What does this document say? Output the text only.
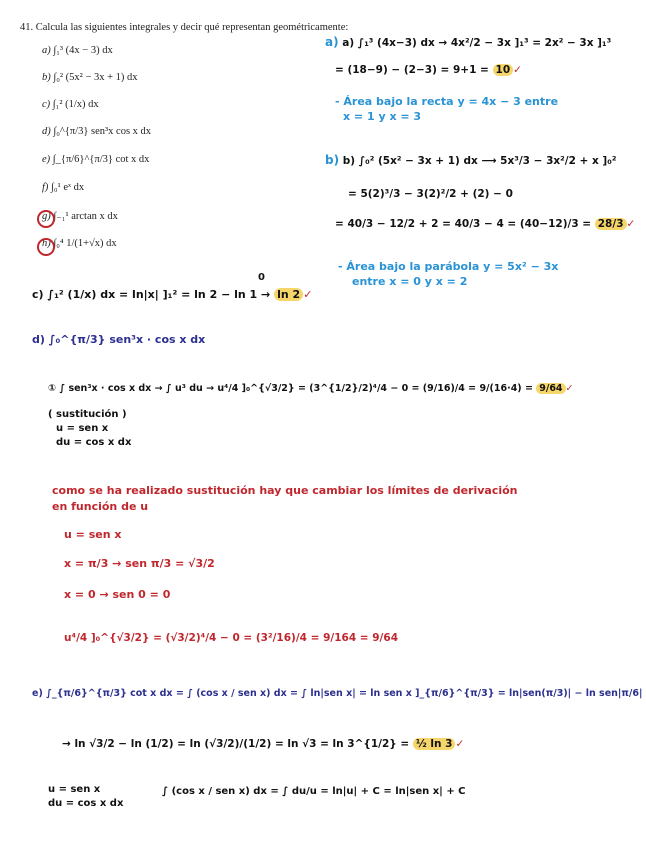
41. Calcula las siguientes integrales y decir qué representan geométricamente:
a) ∫₁³ (4x − 3) dx
b) ∫₀² (5x² − 3x + 1) dx
c) ∫₁² (1/x) dx
d) ∫₀^{π/3} sen³x cos x dx
e) ∫_{π/6}^{π/3} cot x dx
f) ∫₀¹ eˣ dx
g) ∫₋₁¹ arctan x dx
h) ∫₀⁴ 1/(1+√x) dx
a) a) ∫₁³ (4x−3) dx → 4x²/2 − 3x ]₁³ = 2x² − 3x ]₁³
= (18−9) − (2−3) = 9+1 = 10 ✓
- Área bajo la recta y = 4x − 3 entre
x = 1 y x = 3
b) b) ∫₀² (5x² − 3x + 1) dx ⟶ 5x³/3 − 3x²/2 + x ]₀²
= 5(2)³/3 − 3(2)²/2 + (2) − 0
= 40/3 − 12/2 + 2 = 40/3 − 4 = (40−12)/3 = 28/3 ✓
- Área bajo la parábola y = 5x² − 3x
entre x = 0 y x = 2
0
c) ∫₁² (1/x) dx = ln|x| ]₁² = ln 2 − ln 1 → ln 2 ✓
d) ∫₀^{π/3} sen³x · cos x dx
① ∫ sen³x · cos x dx → ∫ u³ du → u⁴/4 ]₀^{√3/2} = (3^{1/2}/2)⁴/4 − 0 = (9/16)/4 = 9/(16·4) = 9/64 ✓
( sustitución )
u = sen x
du = cos x dx
como se ha realizado sustitución hay que cambiar los límites de derivación
en función de u
u = sen x
x = π/3 → sen π/3 = √3/2
x = 0 → sen 0 = 0
u⁴/4 ]₀^{√3/2} = (√3/2)⁴/4 − 0 = (3²/16)/4 = 9/164 = 9/64
e) ∫_{π/6}^{π/3} cot x dx = ∫ (cos x / sen x) dx = ∫ ln|sen x| = ln sen x ]_{π/6}^{π/3} = ln|sen(π/3)| − ln sen|π/6|
→ ln √3/2 − ln (1/2) = ln (√3/2)/(1/2) = ln √3 = ln 3^{1/2} = ½ ln 3 ✓
u = sen x
du = cos x dx
∫ (cos x / sen x) dx = ∫ du/u = ln|u| + C = ln|sen x| + C
